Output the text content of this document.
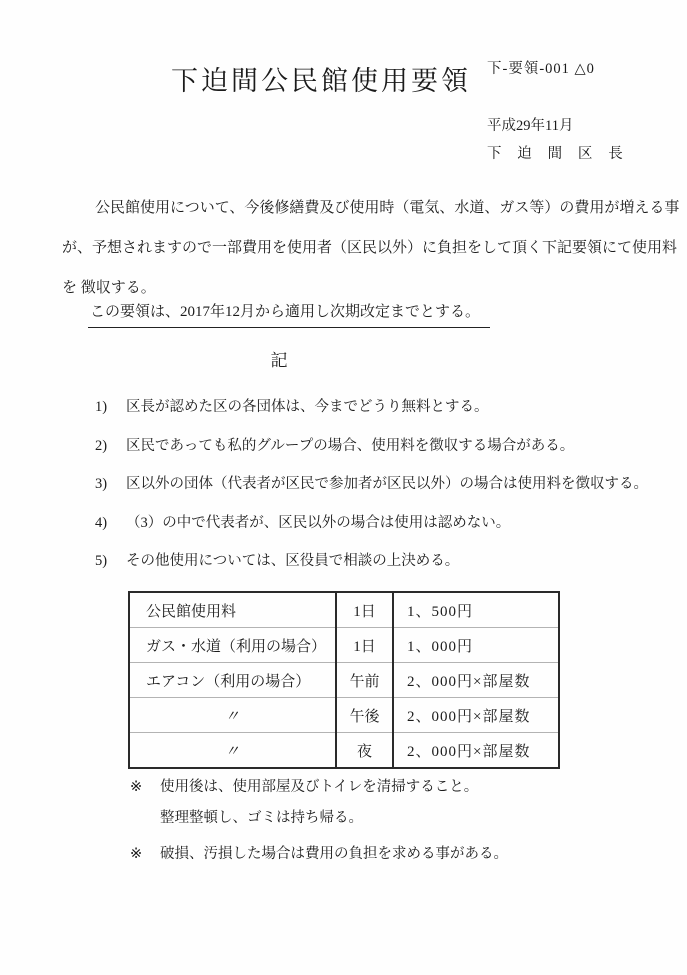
下-要領-001 △0
下迫間公民館使用要領
平成29年11月
下 迫 間 区 長
公民館使用について、今後修繕費及び使用時（電気、水道、ガス等）の費用が増える事
が、予想されますので一部費用を使用者（区民以外）に負担をして頂く下記要領にて使用料
を 徴収する。
この要領は、2017年12月から適用し次期改定までとする。
記
1)	区長が認めた区の各団体は、今までどうり無料とする。
2)	区民であっても私的グループの場合、使用料を徴収する場合がある。
3)	区以外の団体（代表者が区民で参加者が区民以外）の場合は使用料を徴収する。
4)	（3）の中で代表者が、区民以外の場合は使用は認めない。
5)	その他使用については、区役員で相談の上決める。
公民館使用料	1日	1、500円
ガス・水道（利用の場合）	1日	1、000円
エアコン（利用の場合）	午前	2、000円×部屋数
〃	午後	2、000円×部屋数
〃	夜	2、000円×部屋数
※	使用後は、使用部屋及びトイレを清掃すること。
整理整頓し、ゴミは持ち帰る。
※	破損、汚損した場合は費用の負担を求める事がある。
